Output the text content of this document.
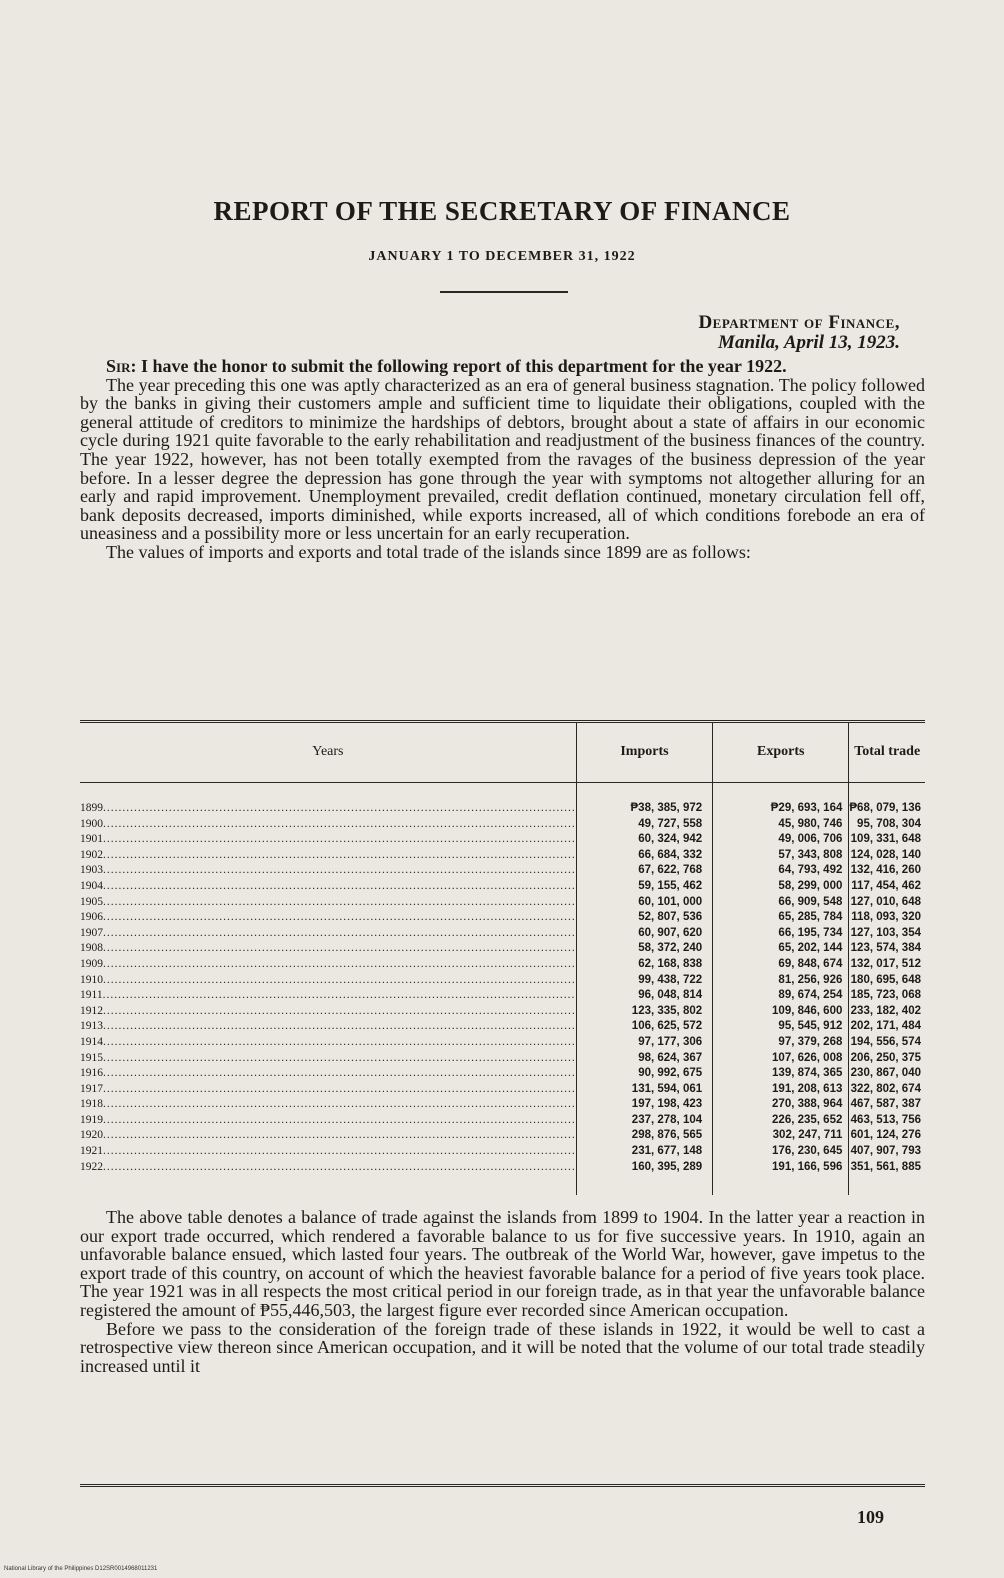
REPORT OF THE SECRETARY OF FINANCE
JANUARY 1 TO DECEMBER 31, 1922
Department of Finance,
Manila, April 13, 1923.

Sir: I have the honor to submit the following report of this department for the year 1922.

The year preceding this one was aptly characterized as an era of general business stagnation. The policy followed by the banks in giving their customers ample and sufficient time to liquidate their obligations, coupled with the general attitude of creditors to minimize the hardships of debtors, brought about a state of affairs in our economic cycle during 1921 quite favorable to the early rehabilitation and readjustment of the business finances of the country. The year 1922, however, has not been totally exempted from the ravages of the business depression of the year before. In a lesser degree the depression has gone through the year with symptoms not altogether alluring for an early and rapid improvement. Unemployment prevailed, credit deflation continued, monetary circulation fell off, bank deposits decreased, imports diminished, while exports increased, all of which conditions forebode an era of uneasiness and a possibility more or less uncertain for an early recuperation.

The values of imports and exports and total trade of the islands since 1899 are as follows:

Years	Imports	Exports	Total trade
1899 .....	₱38, 385, 972	₱29, 693, 164	₱68, 079, 136
1900 .....	49, 727, 558	45, 980, 746	95, 708, 304
1901 .....	60, 324, 942	49, 006, 706	109, 331, 648
1902 .....	66, 684, 332	57, 343, 808	124, 028, 140
1903 .....	67, 622, 768	64, 793, 492	132, 416, 260
1904 .....	59, 155, 462	58, 299, 000	117, 454, 462
1905 .....	60, 101, 000	66, 909, 548	127, 010, 648
1906 .....	52, 807, 536	65, 285, 784	118, 093, 320
1907 .....	60, 907, 620	66, 195, 734	127, 103, 354
1908 .....	58, 372, 240	65, 202, 144	123, 574, 384
1909 .....	62, 168, 838	69, 848, 674	132, 017, 512
1910 .....	99, 438, 722	81, 256, 926	180, 695, 648
1911 .....	96, 048, 814	89, 674, 254	185, 723, 068
1912 .....	123, 335, 802	109, 846, 600	233, 182, 402
1913 .....	106, 625, 572	95, 545, 912	202, 171, 484
1914 .....	97, 177, 306	97, 379, 268	194, 556, 574
1915 .....	98, 624, 367	107, 626, 008	206, 250, 375
1916 .....	90, 992, 675	139, 874, 365	230, 867, 040
1917 .....	131, 594, 061	191, 208, 613	322, 802, 674
1918 .....	197, 198, 423	270, 388, 964	467, 587, 387
1919 .....	237, 278, 104	226, 235, 652	463, 513, 756
1920 .....	298, 876, 565	302, 247, 711	601, 124, 276
1921 .....	231, 677, 148	176, 230, 645	407, 907, 793
1922 .....	160, 395, 289	191, 166, 596	351, 561, 885

The above table denotes a balance of trade against the islands from 1899 to 1904. In the latter year a reaction in our export trade occurred, which rendered a favorable balance to us for five successive years. In 1910, again an unfavorable balance ensued, which lasted four years. The outbreak of the World War, however, gave impetus to the export trade of this country, on account of which the heaviest favorable balance for a period of five years took place. The year 1921 was in all respects the most critical period in our foreign trade, as in that year the unfavorable balance registered the amount of ₱55,446,503, the largest figure ever recorded since American occupation.

Before we pass to the consideration of the foreign trade of these islands in 1922, it would be well to cast a retrospective view thereon since American occupation, and it will be noted that the volume of our total trade steadily increased until it

109
National Library of the Philippines D12SR0014968011231
